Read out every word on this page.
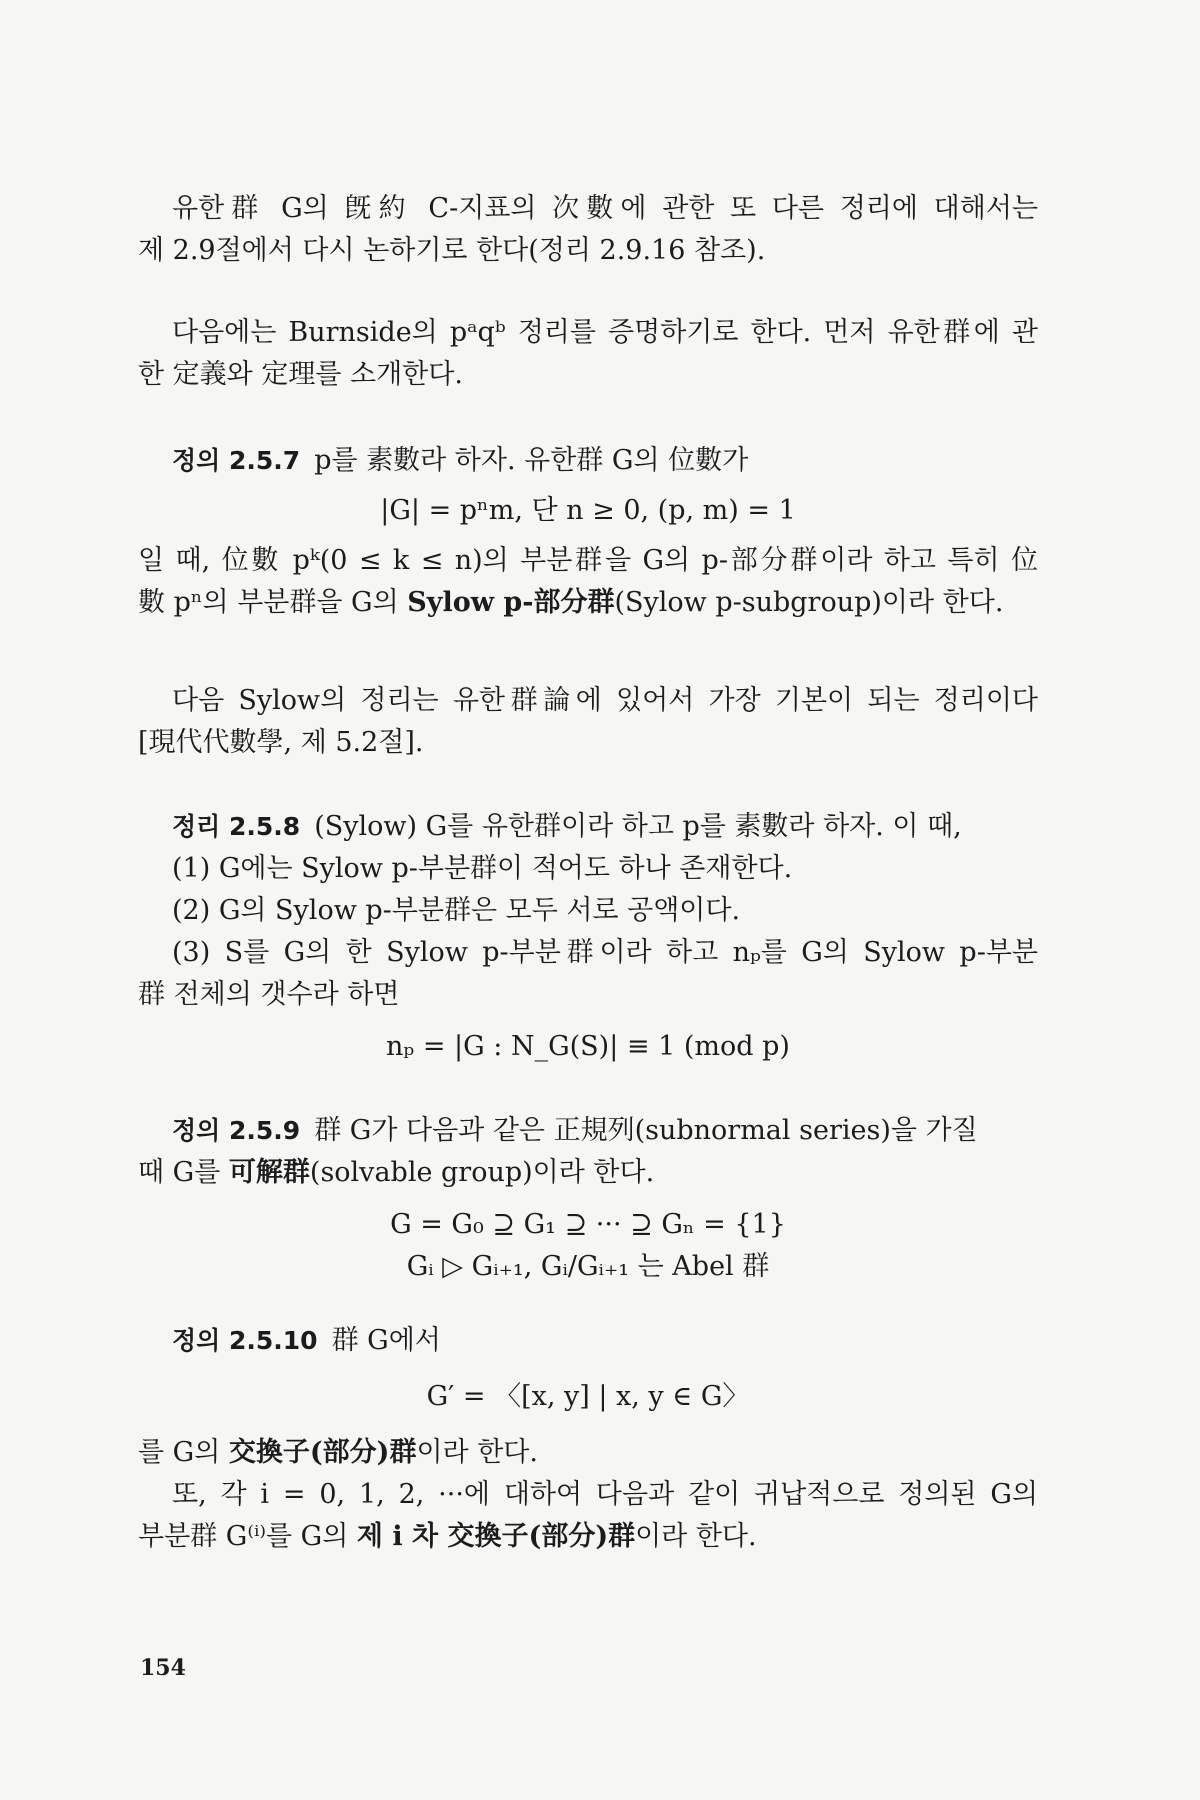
유한群 G의 旣約 C-지표의 次數에 관한 또 다른 정리에 대해서는
제 2.9절에서 다시 논하기로 한다(정리 2.9.16 참조).
다음에는 Burnside의 pᵃqᵇ 정리를 증명하기로 한다. 먼저 유한群에 관
한 定義와 定理를 소개한다.
정의 2.5.7 p를 素數라 하자. 유한群 G의 位數가
|G| = pⁿm, 단 n ≥ 0, (p, m) = 1
일 때, 位數 pᵏ(0 ≤ k ≤ n)의 부분群을 G의 p-部分群이라 하고 특히 位
數 pⁿ의 부분群을 G의 Sylow p-部分群(Sylow p-subgroup)이라 한다.
다음 Sylow의 정리는 유한群論에 있어서 가장 기본이 되는 정리이다
[現代代數學, 제 5.2절].
정리 2.5.8 (Sylow) G를 유한群이라 하고 p를 素數라 하자. 이 때,
(1) G에는 Sylow p-부분群이 적어도 하나 존재한다.
(2) G의 Sylow p-부분群은 모두 서로 공액이다.
(3) S를 G의 한 Sylow p-부분群이라 하고 nₚ를 G의 Sylow p-부분
群 전체의 갯수라 하면
nₚ = |G : N_G(S)| ≡ 1 (mod p)
정의 2.5.9 群 G가 다음과 같은 正規列(subnormal series)을 가질
때 G를 可解群(solvable group)이라 한다.
G = G₀ ⊇ G₁ ⊇ ··· ⊇ Gₙ = {1}
Gᵢ ▷ Gᵢ₊₁, Gᵢ/Gᵢ₊₁ 는 Abel 群
정의 2.5.10 群 G에서
G′ = 〈[x, y] | x, y ∈ G〉
를 G의 交換子(部分)群이라 한다.
또, 각 i = 0, 1, 2, ···에 대하여 다음과 같이 귀납적으로 정의된 G의
부분群 G⁽ⁱ⁾를 G의 제 i 차 交換子(部分)群이라 한다.
154
